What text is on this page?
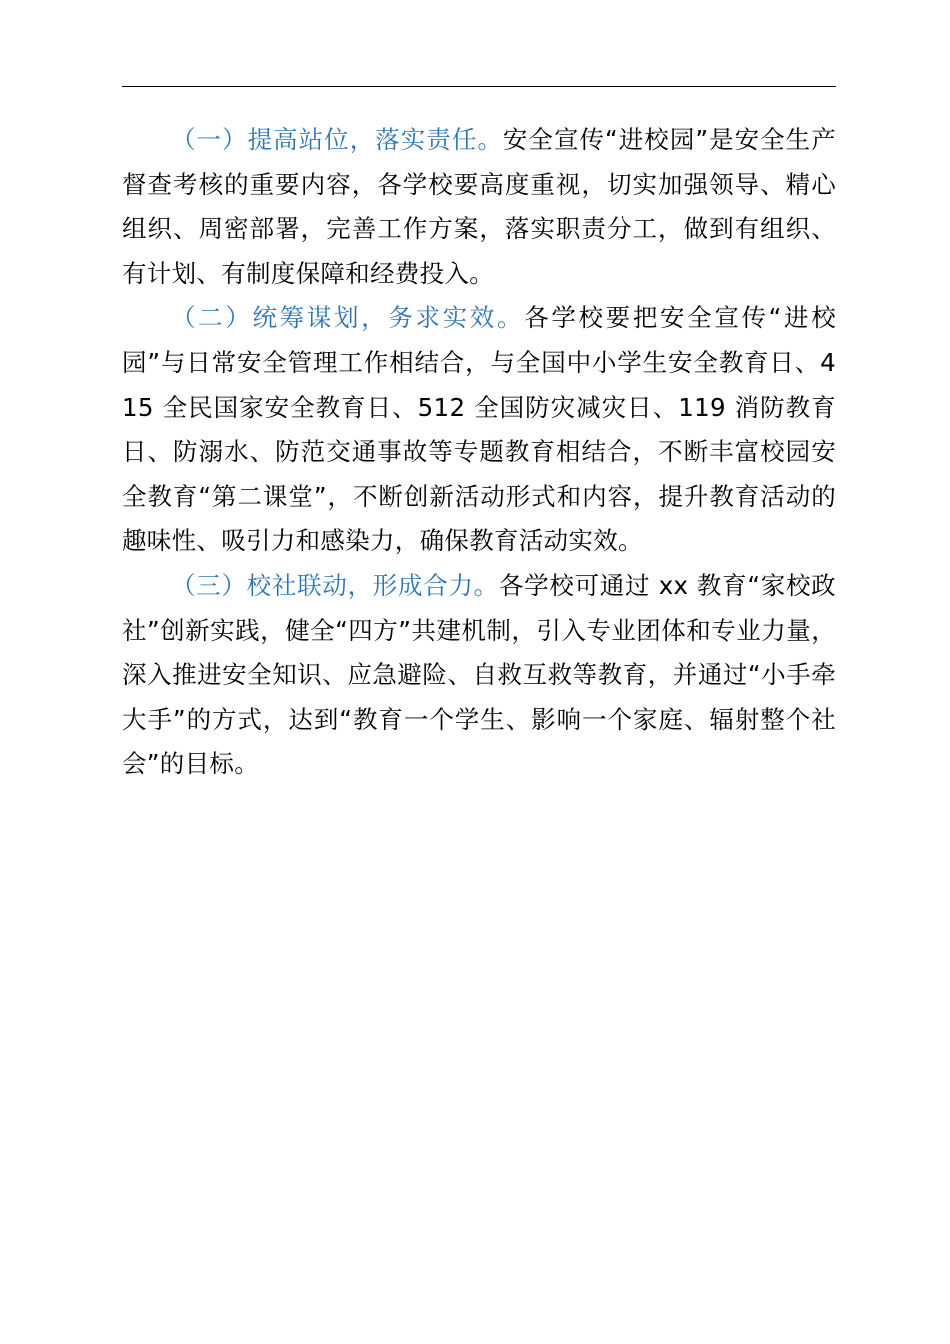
（一）提高站位，落实责任。安全宣传“进校园”是安全生产督查考核的重要内容，各学校要高度重视，切实加强领导、精心组织、周密部署，完善工作方案，落实职责分工，做到有组织、有计划、有制度保障和经费投入。

（二）统筹谋划，务求实效。各学校要把安全宣传“进校园”与日常安全管理工作相结合，与全国中小学生安全教育日、415 全民国家安全教育日、512 全国防灾减灾日、119 消防教育日、防溺水、防范交通事故等专题教育相结合，不断丰富校园安全教育“第二课堂”，不断创新活动形式和内容，提升教育活动的趣味性、吸引力和感染力，确保教育活动实效。

（三）校社联动，形成合力。各学校可通过 xx 教育“家校政社”创新实践，健全“四方”共建机制，引入专业团体和专业力量，深入推进安全知识、应急避险、自救互救等教育，并通过“小手牵大手”的方式，达到“教育一个学生、影响一个家庭、辐射整个社会”的目标。
